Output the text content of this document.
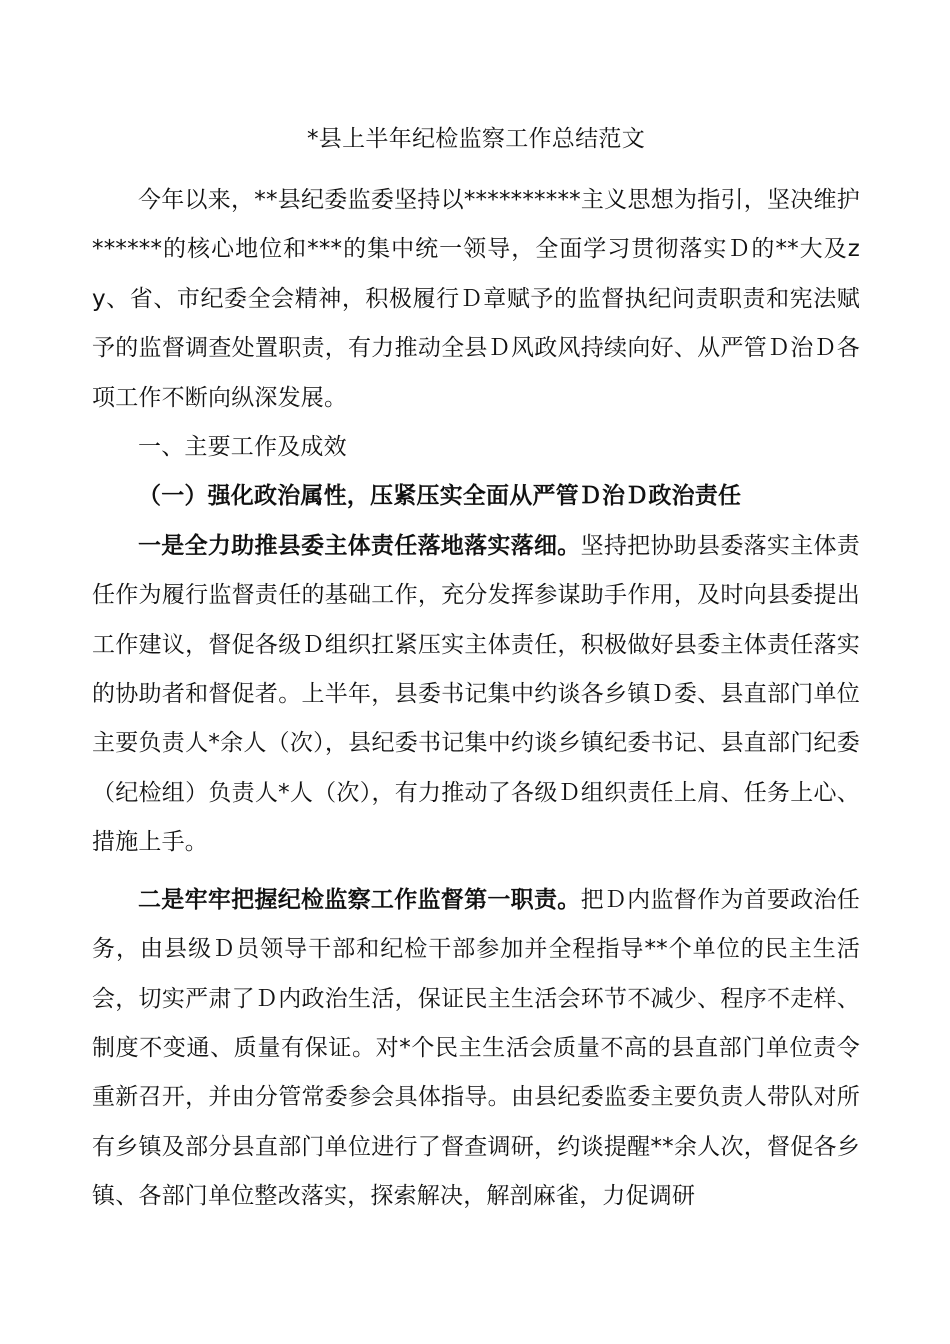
*县上半年纪检监察工作总结范文

今年以来，**县纪委监委坚持以**********主义思想为指引，坚决维护******的核心地位和***的集中统一领导，全面学习贯彻落实Ｄ的**大及zy、省、市纪委全会精神，积极履行Ｄ章赋予的监督执纪问责职责和宪法赋予的监督调查处置职责，有力推动全县Ｄ风政风持续向好、从严管Ｄ治Ｄ各项工作不断向纵深发展。

一、主要工作及成效

（一）强化政治属性，压紧压实全面从严管Ｄ治Ｄ政治责任

一是全力助推县委主体责任落地落实落细。坚持把协助县委落实主体责任作为履行监督责任的基础工作，充分发挥参谋助手作用，及时向县委提出工作建议，督促各级Ｄ组织扛紧压实主体责任，积极做好县委主体责任落实的协助者和督促者。上半年，县委书记集中约谈各乡镇Ｄ委、县直部门单位主要负责人*余人（次），县纪委书记集中约谈乡镇纪委书记、县直部门纪委（纪检组）负责人*人（次），有力推动了各级Ｄ组织责任上肩、任务上心、措施上手。

二是牢牢把握纪检监察工作监督第一职责。把Ｄ内监督作为首要政治任务，由县级Ｄ员领导干部和纪检干部参加并全程指导**个单位的民主生活会，切实严肃了Ｄ内政治生活，保证民主生活会环节不减少、程序不走样、制度不变通、质量有保证。对*个民主生活会质量不高的县直部门单位责令重新召开，并由分管常委参会具体指导。由县纪委监委主要负责人带队对所有乡镇及部分县直部门单位进行了督查调研，约谈提醒**余人次，督促各乡镇、各部门单位整改落实，探索解决，解剖麻雀，力促调研
